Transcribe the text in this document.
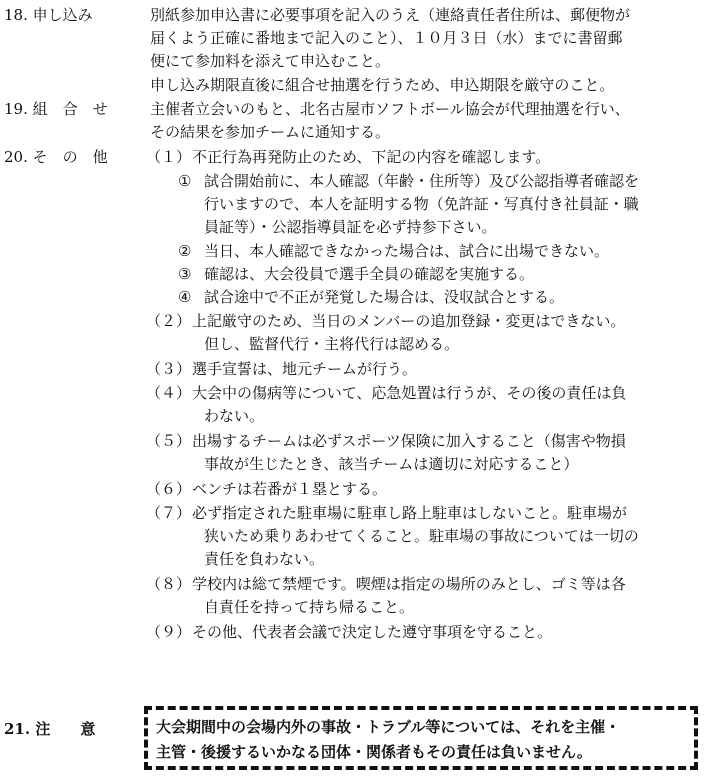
18. 申し込み	別紙参加申込書に必要事項を記入のうえ（連絡責任者住所は、郵便物が
届くよう正確に番地まで記入のこと）、１０月３日（水）までに書留郵
便にて参加料を添えて申込むこと。
申し込み期限直後に組合せ抽選を行うため、申込期限を厳守のこと。
19. 組　合　せ	主催者立会いのもと、北名古屋市ソフトボール協会が代理抽選を行い、
その結果を参加チームに通知する。
20. そ　の　他	（１） 不正行為再発防止のため、下記の内容を確認します。
① 試合開始前に、本人確認（年齢・住所等）及び公認指導者確認を
行いますので、本人を証明する物（免許証・写真付き社員証・職
員証等）・公認指導員証を必ず持参下さい。
② 当日、本人確認できなかった場合は、試合に出場できない。
③ 確認は、大会役員で選手全員の確認を実施する。
④ 試合途中で不正が発覚した場合は、没収試合とする。
（２） 上記厳守のため、当日のメンバーの追加登録・変更はできない。
但し、監督代行・主将代行は認める。
（３） 選手宣誓は、地元チームが行う。
（４） 大会中の傷病等について、応急処置は行うが、その後の責任は負
わない。
（５） 出場するチームは必ずスポーツ保険に加入すること（傷害や物損
事故が生じたとき、該当チームは適切に対応すること）
（６） ベンチは若番が１塁とする。
（７） 必ず指定された駐車場に駐車し路上駐車はしないこと。駐車場が
狭いため乗りあわせてくること。駐車場の事故については一切の
責任を負わない。
（８） 学校内は総て禁煙です。喫煙は指定の場所のみとし、ゴミ等は各
自責任を持って持ち帰ること。
（９） その他、代表者会議で決定した遵守事項を守ること。
21. 注　　意	大会期間中の会場内外の事故・トラブル等については、それを主催・
主管・後援するいかなる団体・関係者もその責任は負いません。
